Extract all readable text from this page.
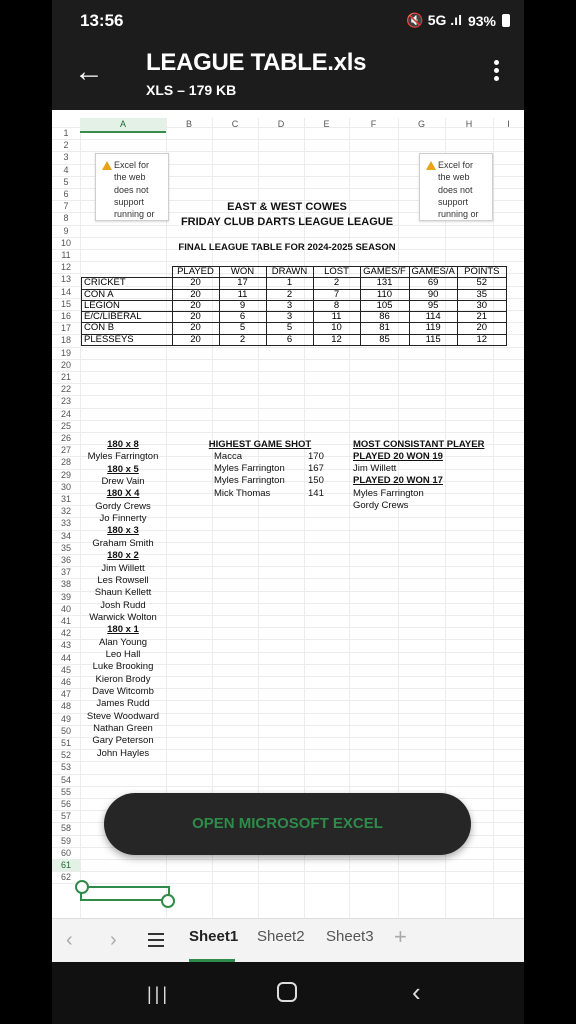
13:56	🔇 5G .ıl 93%
← LEAGUE TABLE.xls
XLS – 179 KB
Excel for
the web
does not
support
running or
Excel for
the web
does not
support
running or
EAST & WEST COWES
FRIDAY CLUB DARTS LEAGUE LEAGUE
FINAL LEAGUE TABLE FOR 2024-2025 SEASON
	PLAYED	WON	DRAWN	LOST	GAMES/F	GAMES/A	POINTS
CRICKET	20	17	1	2	131	69	52
CON A	20	11	2	7	110	90	35
LEGION	20	9	3	8	105	95	30
E/C/LIBERAL	20	6	3	11	86	114	21
CON B	20	5	5	10	81	119	20
PLESSEYS	20	2	6	12	85	115	12
HIGHEST GAME SHOT
Macca	170
Myles Farrington 167
Myles Farrington 150
Mick Thomas	141
MOST CONSISTANT PLAYER
PLAYED 20 WON 19
Jim Willett
PLAYED 20 WON 17
Myles Farrington
Gordy Crews
180 x 8
Myles Farrington
180 x 5
Drew Vain
180 X 4
Gordy Crews
Jo Finnerty
180 x 3
Graham Smith
180 x 2
Jim Willett
Les Rowsell
Shaun Kellett
Josh Rudd
Warwick Wolton
180 x 1
Alan Young
Leo Hall
Luke Brooking
Kieron Brody
Dave Witcomb
James Rudd
Steve Woodward
Nathan Green
Gary Peterson
John Hayles
OPEN MICROSOFT EXCEL
A	B	C	D	E	F	G	H	I
1
2
3
4
5
6
7
8
9
10
11
12
13
14
15
16
17
18
19
20
21
22
23
24
25
26
27
28
29
30
31
32
33
34
35
36
37
38
39
40
41
42
43
44
45
46
47
48
49
50
51
52
53
54
55
56
57
58
59
60
61
62
‹ ›	Sheet1 Sheet2 Sheet3 +
|||	‹
